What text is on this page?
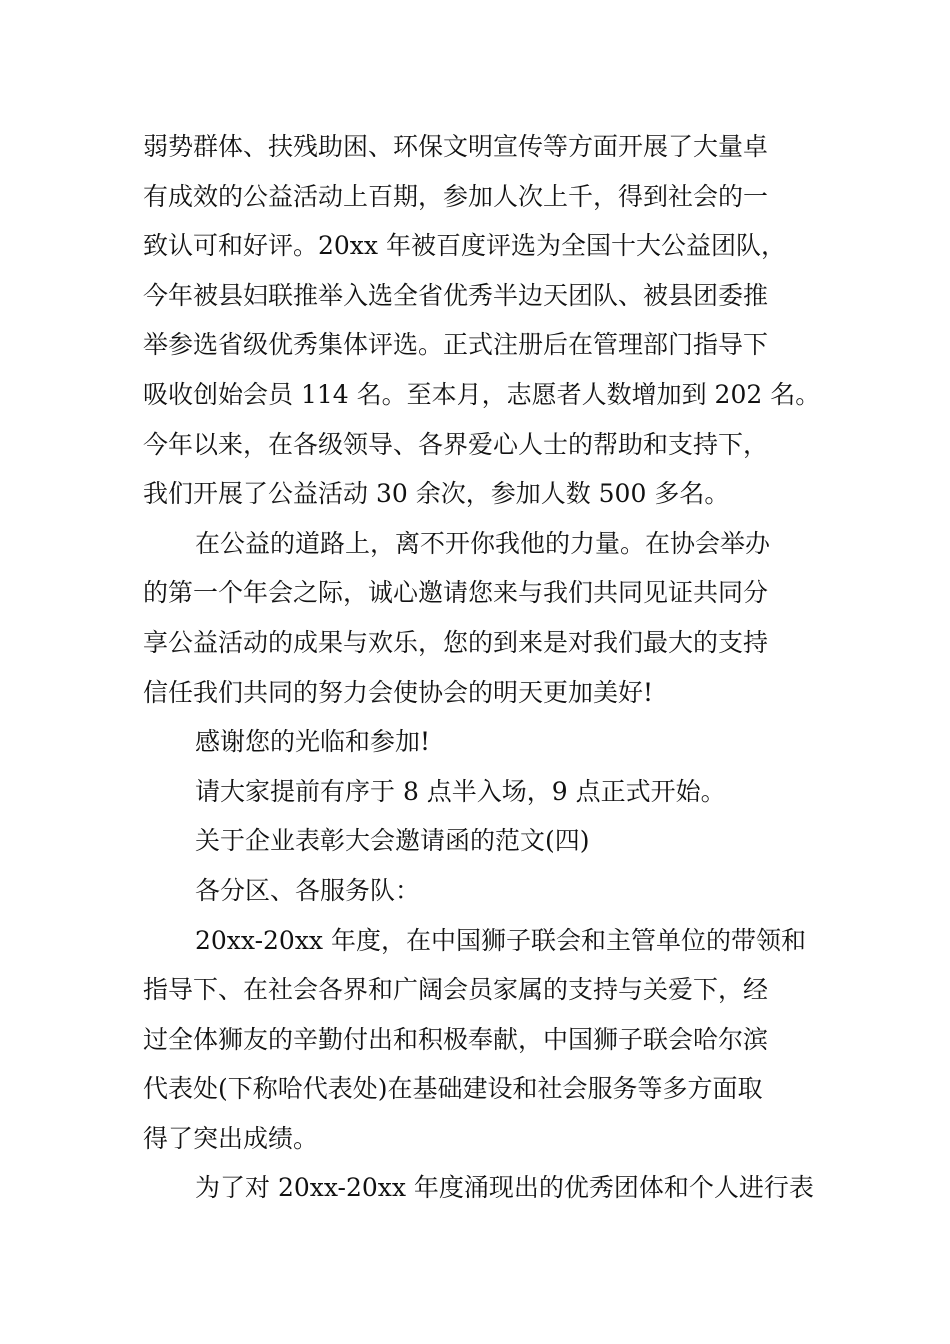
弱势群体、扶残助困、环保文明宣传等方面开展了大量卓
有成效的公益活动上百期，参加人次上千，得到社会的一
致认可和好评。20xx 年被百度评选为全国十大公益团队，
今年被县妇联推举入选全省优秀半边天团队、被县团委推
举参选省级优秀集体评选。正式注册后在管理部门指导下
吸收创始会员 114 名。至本月，志愿者人数增加到 202 名。
今年以来，在各级领导、各界爱心人士的帮助和支持下，
我们开展了公益活动 30 余次，参加人数 500 多名。
在公益的道路上，离不开你我他的力量。在协会举办
的第一个年会之际，诚心邀请您来与我们共同见证共同分
享公益活动的成果与欢乐，您的到来是对我们最大的支持
信任我们共同的努力会使协会的明天更加美好!
感谢您的光临和参加!
请大家提前有序于 8 点半入场，9 点正式开始。
关于企业表彰大会邀请函的范文(四)
各分区、各服务队：
20xx-20xx 年度，在中国狮子联会和主管单位的带领和
指导下、在社会各界和广阔会员家属的支持与关爱下，经
过全体狮友的辛勤付出和积极奉献，中国狮子联会哈尔滨
代表处(下称哈代表处)在基础建设和社会服务等多方面取
得了突出成绩。
为了对 20xx-20xx 年度涌现出的优秀团体和个人进行表
